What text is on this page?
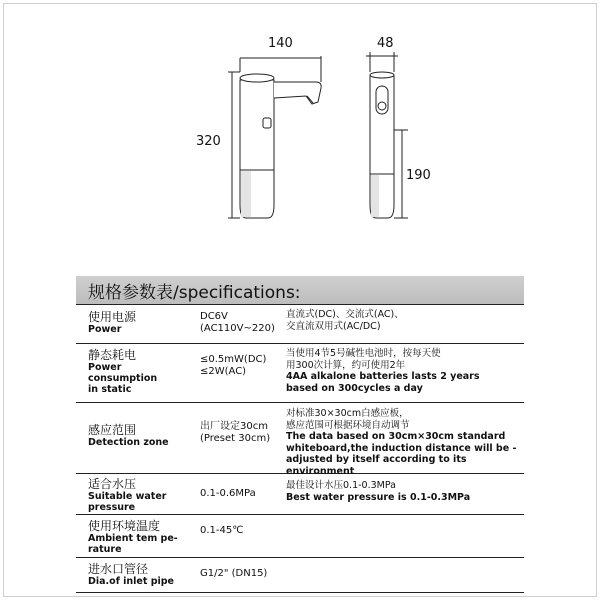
140
320
48
190
规格参数表/specifications:
使用电源
Power
DC6V
(AC110V~220)
直流式(DC)、交流式(AC)、
交直流双用式(AC/DC)
静态耗电
Power consumption
in static
≤0.5mW(DC)
≤2W(AC)
当使用4节5号碱性电池时，按每天使
用300次计算，约可使用2年
4AA alkalone batteries lasts 2 years
based on 300cycles a day
感应范围
Detection zone
出厂设定30cm
(Preset 30cm)
对标准30×30cm白感应板，
感应范围可根据环境自动调节
The data based on 30cm×30cm standard
whiteboard,the induction distance will be -
adjusted by itself according to its environment
适合水压
Suitable water
pressure
0.1-0.6MPa
最佳设计水压0.1-0.3MPa
Best water pressure is 0.1-0.3MPa
使用环境温度
Ambient tem pe-
rature
0.1-45℃
进水口管径
Dia.of inlet pipe
G1/2" (DN15)
